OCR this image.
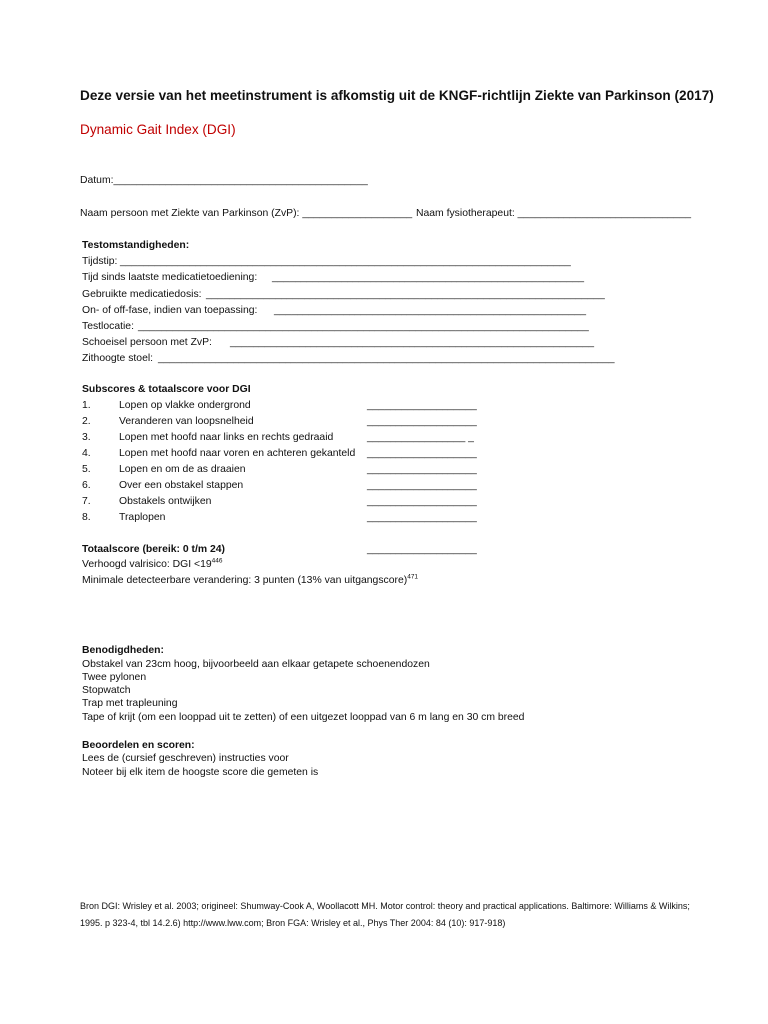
Deze versie van het meetinstrument is afkomstig uit de KNGF-richtlijn Ziekte van Parkinson (2017)
Dynamic Gait Index (DGI)
Datum:____________________________________________
Naam persoon met Ziekte van Parkinson (ZvP): ___________________ Naam fysiotherapeut: ______________________________
Testomstandigheden:
Tijdstip: ______________________________________________________________________________
Tijd sinds laatste medicatietoediening: ______________________________________________________
Gebruikte medicatiedosis: _____________________________________________________________________
On- of off-fase, indien van toepassing: ______________________________________________________
Testlocatie: ______________________________________________________________________________
Schoeisel persoon met ZvP: _______________________________________________________________
Zithoogte stoel: _______________________________________________________________________________
Subscores & totaalscore voor DGI
1.	Lopen op vlakke ondergrond	___________________
2.	Veranderen van loopsnelheid	___________________
3.	Lopen met hoofd naar links en rechts gedraaid	_________________ _
4.	Lopen met hoofd naar voren en achteren gekanteld ___________________
5.	Lopen en om de as draaien	___________________
6.	Over een obstakel stappen	___________________
7.	Obstakels ontwijken	___________________
8.	Traplopen	___________________
Totaalscore (bereik: 0 t/m 24)	___________________
Verhoogd valrisico: DGI $<19^{446}$
Minimale detecteerbare verandering: 3 punten (13% van uitgangscore)$^{471}$
Benodigdheden:
Obstakel van 23cm hoog, bijvoorbeeld aan elkaar getapete schoenendozen
Twee pylonen
Stopwatch
Trap met trapleuning
Tape of krijt (om een looppad uit te zetten) of een uitgezet looppad van 6 m lang en 30 cm breed
Beoordelen en scoren:
Lees de (cursief geschreven) instructies voor
Noteer bij elk item de hoogste score die gemeten is
Bron DGI: Wrisley et al. 2003; origineel: Shumway-Cook A, Woollacott MH. Motor control: theory and practical applications. Baltimore: Williams & Wilkins; 1995. p 323-4, tbl 14.2.6) http://www.lww.com; Bron FGA: Wrisley et al., Phys Ther 2004: 84 (10): 917-918)
